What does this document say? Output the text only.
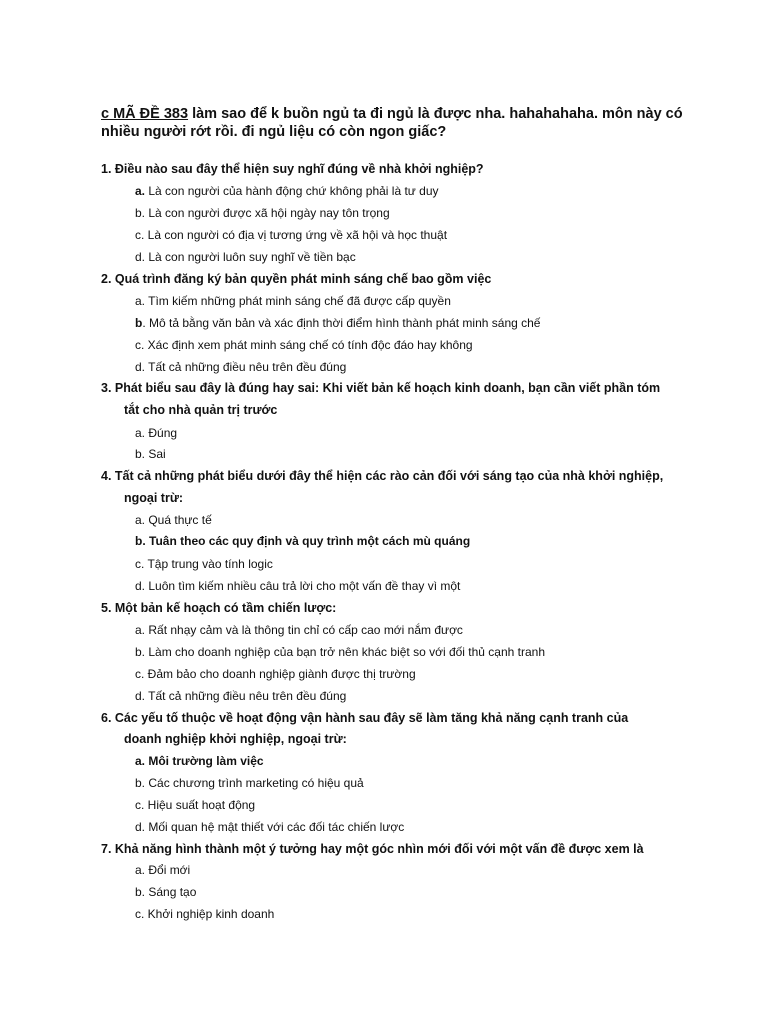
c MÃ ĐỀ 383 làm sao để k buồn ngủ ta đi ngủ là được nha. hahahahaha. môn này có nhiều người rớt rồi. đi ngủ liệu có còn ngon giấc?
1. Điều nào sau đây thể hiện suy nghĩ đúng về nhà khởi nghiệp?
a. Là con người của hành động chứ không phải là tư duy
b. Là con người được xã hội ngày nay tôn trọng
c. Là con người có địa vị tương ứng về xã hội và học thuật
d. Là con người luôn suy nghĩ về tiền bạc
2. Quá trình đăng ký bản quyền phát minh sáng chế bao gồm việc
a. Tìm kiếm những phát minh sáng chế đã được cấp quyền
b. Mô tả bằng văn bản và xác định thời điểm hình thành phát minh sáng chế
c. Xác định xem phát minh sáng chế có tính độc đáo hay không
d. Tất cả những điều nêu trên đều đúng
3. Phát biểu sau đây là đúng hay sai: Khi viết bản kế hoạch kinh doanh, bạn cần viết phần tóm
tắt cho nhà quản trị trước
a. Đúng
b. Sai
4. Tất cả những phát biểu dưới đây thể hiện các rào cản đối với sáng tạo của nhà khởi nghiệp,
ngoại trừ:
a. Quá thực tế
b. Tuân theo các quy định và quy trình một cách mù quáng
c. Tập trung vào tính logic
d. Luôn tìm kiếm nhiều câu trả lời cho một vấn đề thay vì một
5. Một bản kế hoạch có tầm chiến lược:
a. Rất nhạy cảm và là thông tin chỉ có cấp cao mới nắm được
b. Làm cho doanh nghiệp của bạn trở nên khác biệt so với đối thủ cạnh tranh
c. Đảm bảo cho doanh nghiệp giành được thị trường
d. Tất cả những điều nêu trên đều đúng
6. Các yếu tố thuộc về hoạt động vận hành sau đây sẽ làm tăng khả năng cạnh tranh của
doanh nghiệp khởi nghiệp, ngoại trừ:
a. Môi trường làm việc
b. Các chương trình marketing có hiệu quả
c. Hiệu suất hoạt động
d. Mối quan hệ mật thiết với các đối tác chiến lược
7. Khả năng hình thành một ý tưởng hay một góc nhìn mới đối với một vấn đề được xem là
a. Đổi mới
b. Sáng tạo
c. Khởi nghiệp kinh doanh
